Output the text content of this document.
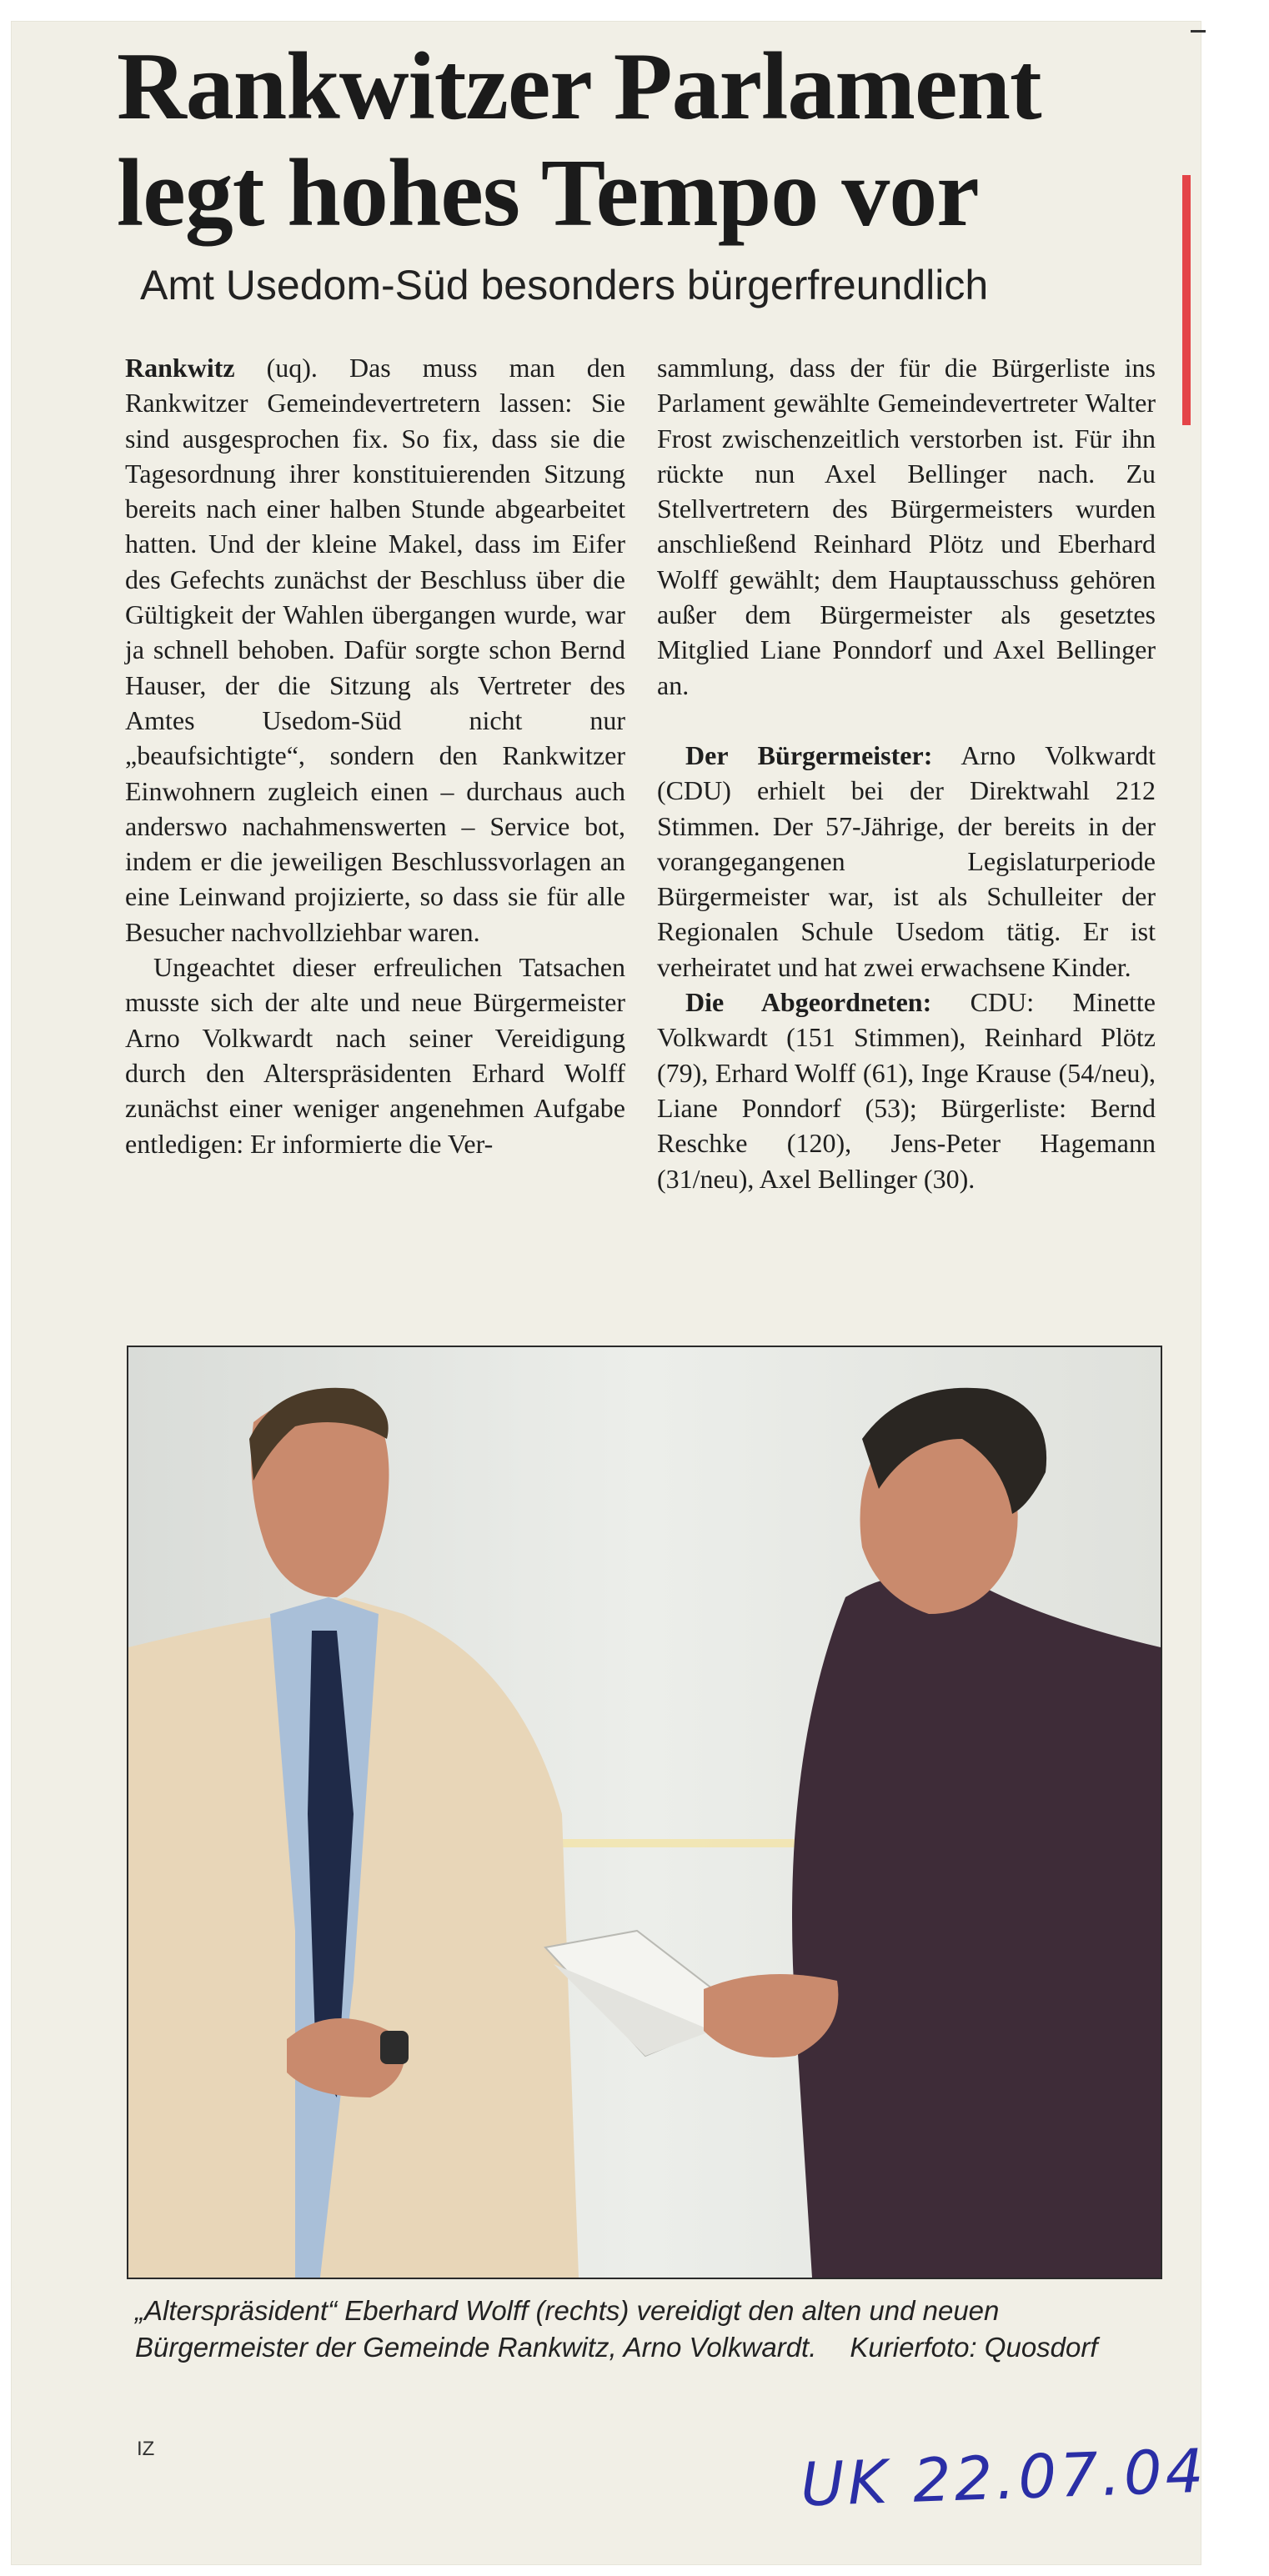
Rankwitzer Parlament
legt hohes Tempo vor
Amt Usedom-Süd besonders bürgerfreundlich

Rankwitz (uq). Das muss man den Rankwitzer Gemeindevertretern lassen: Sie sind ausgesprochen fix. So fix, dass sie die Tagesordnung ihrer konstituierenden Sitzung bereits nach einer halben Stunde abgearbeitet hatten. Und der kleine Makel, dass im Eifer des Gefechts zunächst der Beschluss über die Gültigkeit der Wahlen übergangen wurde, war ja schnell behoben. Dafür sorgte schon Bernd Hauser, der die Sitzung als Vertreter des Amtes Usedom-Süd nicht nur „beaufsichtigte“, sondern den Rankwitzer Einwohnern zugleich einen – durchaus auch anderswo nachahmenswerten – Service bot, indem er die jeweiligen Beschlussvorlagen an eine Leinwand projizierte, so dass sie für alle Besucher nachvollziehbar waren.

Ungeachtet dieser erfreulichen Tatsachen musste sich der alte und neue Bürgermeister Arno Volkwardt nach seiner Vereidigung durch den Alterspräsidenten Erhard Wolff zunächst einer weniger angenehmen Aufgabe entledigen: Er informierte die Ver-

sammlung, dass der für die Bürgerliste ins Parlament gewählte Gemeindevertreter Walter Frost zwischenzeitlich verstorben ist. Für ihn rückte nun Axel Bellinger nach. Zu Stellvertretern des Bürgermeisters wurden anschließend Reinhard Plötz und Eberhard Wolff gewählt; dem Hauptausschuss gehören außer dem Bürgermeister als gesetztes Mitglied Liane Ponndorf und Axel Bellinger an.

Der Bürgermeister: Arno Volkwardt (CDU) erhielt bei der Direktwahl 212 Stimmen. Der 57-Jährige, der bereits in der vorangegangenen Legislaturperiode Bürgermeister war, ist als Schulleiter der Regionalen Schule Usedom tätig. Er ist verheiratet und hat zwei erwachsene Kinder.

Die Abgeordneten: CDU: Minette Volkwardt (151 Stimmen), Reinhard Plötz (79), Erhard Wolff (61), Inge Krause (54/neu), Liane Ponndorf (53); Bürgerliste: Bernd Reschke (120), Jens-Peter Hagemann (31/neu), Axel Bellinger (30).

„Alterspräsident“ Eberhard Wolff (rechts) vereidigt den alten und neuen Bürgermeister der Gemeinde Rankwitz, Arno Volkwardt. Kurierfoto: Quosdorf
IZ	UK 22.07.04
